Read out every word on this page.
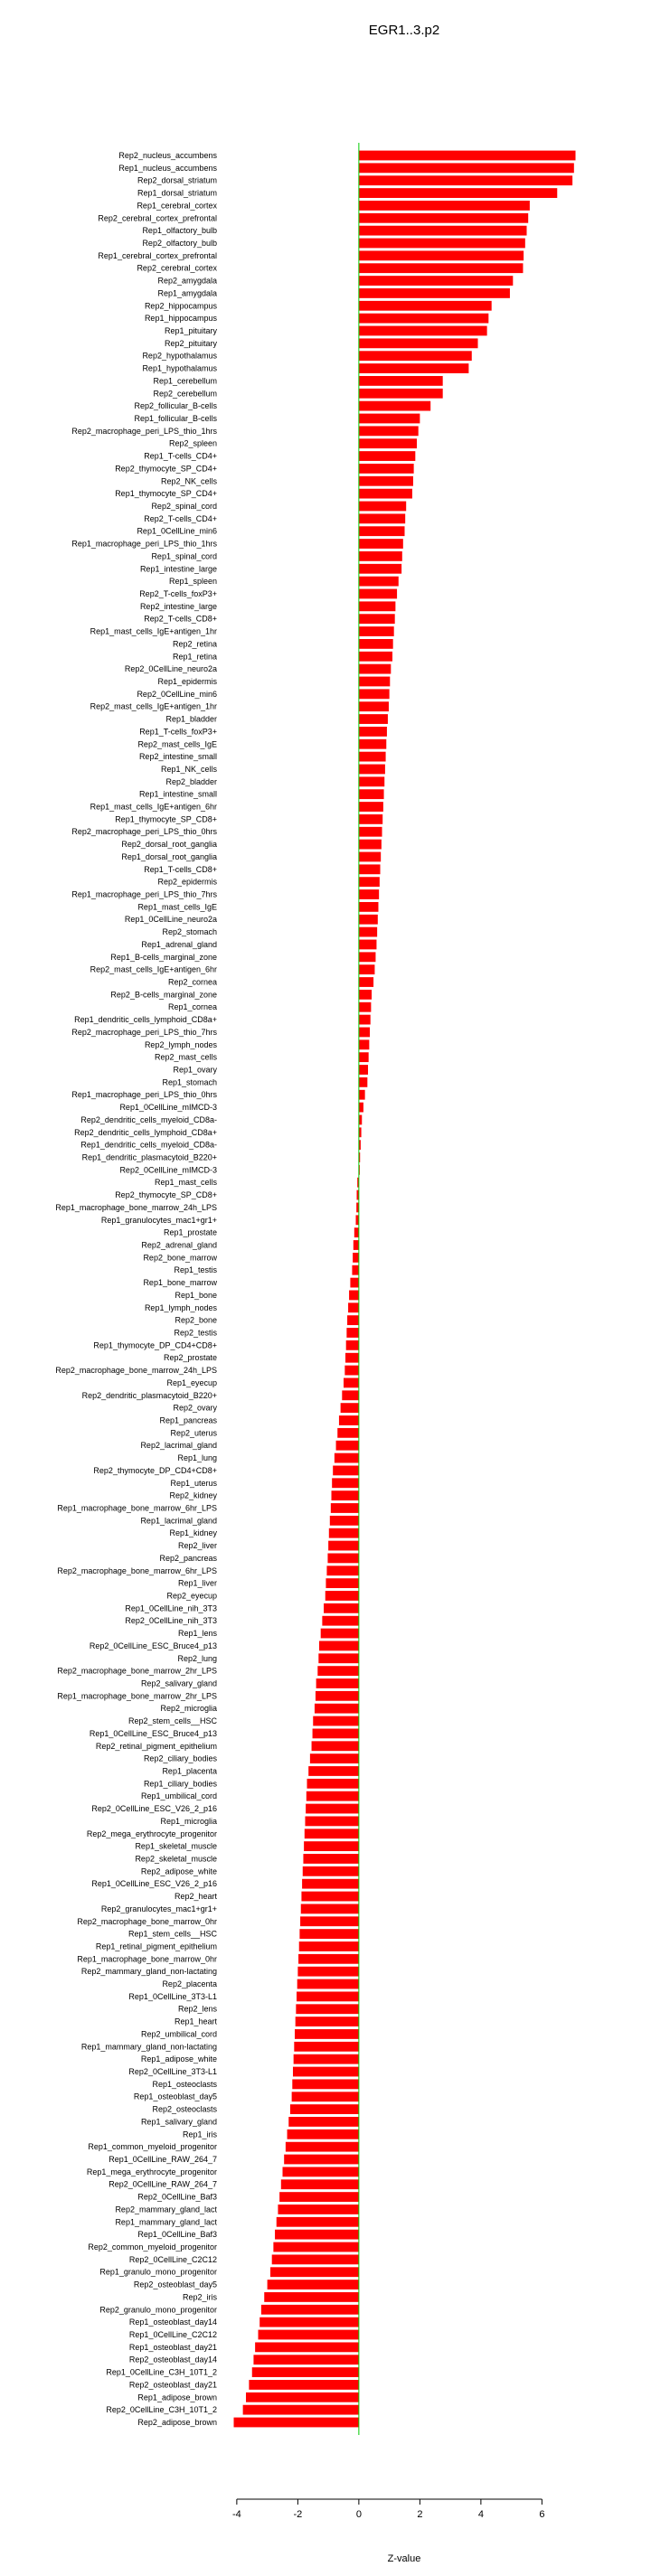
EGR1..3.p2
Rep2_nucleus_accumbens
Rep1_nucleus_accumbens
Rep2_dorsal_striatum
Rep1_dorsal_striatum
Rep1_cerebral_cortex
Rep2_cerebral_cortex_prefrontal
Rep1_olfactory_bulb
Rep2_olfactory_bulb
Rep1_cerebral_cortex_prefrontal
Rep2_cerebral_cortex
Rep2_amygdala
Rep1_amygdala
Rep2_hippocampus
Rep1_hippocampus
Rep1_pituitary
Rep2_pituitary
Rep2_hypothalamus
Rep1_hypothalamus
Rep1_cerebellum
Rep2_cerebellum
Rep2_follicular_B-cells
Rep1_follicular_B-cells
Rep2_macrophage_peri_LPS_thio_1hrs
Rep2_spleen
Rep1_T-cells_CD4+
Rep2_thymocyte_SP_CD4+
Rep2_NK_cells
Rep1_thymocyte_SP_CD4+
Rep2_spinal_cord
Rep2_T-cells_CD4+
Rep1_0CellLine_min6
Rep1_macrophage_peri_LPS_thio_1hrs
Rep1_spinal_cord
Rep1_intestine_large
Rep1_spleen
Rep2_T-cells_foxP3+
Rep2_intestine_large
Rep2_T-cells_CD8+
Rep1_mast_cells_IgE+antigen_1hr
Rep2_retina
Rep1_retina
Rep2_0CellLine_neuro2a
Rep1_epidermis
Rep2_0CellLine_min6
Rep2_mast_cells_IgE+antigen_1hr
Rep1_bladder
Rep1_T-cells_foxP3+
Rep2_mast_cells_IgE
Rep2_intestine_small
Rep1_NK_cells
Rep2_bladder
Rep1_intestine_small
Rep1_mast_cells_IgE+antigen_6hr
Rep1_thymocyte_SP_CD8+
Rep2_macrophage_peri_LPS_thio_0hrs
Rep2_dorsal_root_ganglia
Rep1_dorsal_root_ganglia
Rep1_T-cells_CD8+
Rep2_epidermis
Rep1_macrophage_peri_LPS_thio_7hrs
Rep1_mast_cells_IgE
Rep1_0CellLine_neuro2a
Rep2_stomach
Rep1_adrenal_gland
Rep1_B-cells_marginal_zone
Rep2_mast_cells_IgE+antigen_6hr
Rep2_cornea
Rep2_B-cells_marginal_zone
Rep1_cornea
Rep1_dendritic_cells_lymphoid_CD8a+
Rep2_macrophage_peri_LPS_thio_7hrs
Rep2_lymph_nodes
Rep2_mast_cells
Rep1_ovary
Rep1_stomach
Rep1_macrophage_peri_LPS_thio_0hrs
Rep1_0CellLine_mIMCD-3
Rep2_dendritic_cells_myeloid_CD8a-
Rep2_dendritic_cells_lymphoid_CD8a+
Rep1_dendritic_cells_myeloid_CD8a-
Rep1_dendritic_plasmacytoid_B220+
Rep2_0CellLine_mIMCD-3
Rep1_mast_cells
Rep2_thymocyte_SP_CD8+
Rep1_macrophage_bone_marrow_24h_LPS
Rep1_granulocytes_mac1+gr1+
Rep1_prostate
Rep2_adrenal_gland
Rep2_bone_marrow
Rep1_testis
Rep1_bone_marrow
Rep1_bone
Rep1_lymph_nodes
Rep2_bone
Rep2_testis
Rep1_thymocyte_DP_CD4+CD8+
Rep2_prostate
Rep2_macrophage_bone_marrow_24h_LPS
Rep1_eyecup
Rep2_dendritic_plasmacytoid_B220+
Rep2_ovary
Rep1_pancreas
Rep2_uterus
Rep2_lacrimal_gland
Rep1_lung
Rep2_thymocyte_DP_CD4+CD8+
Rep1_uterus
Rep2_kidney
Rep1_macrophage_bone_marrow_6hr_LPS
Rep1_lacrimal_gland
Rep1_kidney
Rep2_liver
Rep2_pancreas
Rep2_macrophage_bone_marrow_6hr_LPS
Rep1_liver
Rep2_eyecup
Rep1_0CellLine_nih_3T3
Rep2_0CellLine_nih_3T3
Rep1_lens
Rep2_0CellLine_ESC_Bruce4_p13
Rep2_lung
Rep2_macrophage_bone_marrow_2hr_LPS
Rep2_salivary_gland
Rep1_macrophage_bone_marrow_2hr_LPS
Rep2_microglia
Rep2_stem_cells__HSC
Rep1_0CellLine_ESC_Bruce4_p13
Rep2_retinal_pigment_epithelium
Rep2_ciliary_bodies
Rep1_placenta
Rep1_ciliary_bodies
Rep1_umbilical_cord
Rep2_0CellLine_ESC_V26_2_p16
Rep1_microglia
Rep2_mega_erythrocyte_progenitor
Rep1_skeletal_muscle
Rep2_skeletal_muscle
Rep2_adipose_white
Rep1_0CellLine_ESC_V26_2_p16
Rep2_heart
Rep2_granulocytes_mac1+gr1+
Rep2_macrophage_bone_marrow_0hr
Rep1_stem_cells__HSC
Rep1_retinal_pigment_epithelium
Rep1_macrophage_bone_marrow_0hr
Rep2_mammary_gland_non-lactating
Rep2_placenta
Rep1_0CellLine_3T3-L1
Rep2_lens
Rep1_heart
Rep2_umbilical_cord
Rep1_mammary_gland_non-lactating
Rep1_adipose_white
Rep2_0CellLine_3T3-L1
Rep1_osteoclasts
Rep1_osteoblast_day5
Rep2_osteoclasts
Rep1_salivary_gland
Rep1_iris
Rep1_common_myeloid_progenitor
Rep1_0CellLine_RAW_264_7
Rep1_mega_erythrocyte_progenitor
Rep2_0CellLine_RAW_264_7
Rep2_0CellLine_Baf3
Rep2_mammary_gland_lact
Rep1_mammary_gland_lact
Rep1_0CellLine_Baf3
Rep2_common_myeloid_progenitor
Rep2_0CellLine_C2C12
Rep1_granulo_mono_progenitor
Rep2_osteoblast_day5
Rep2_iris
Rep2_granulo_mono_progenitor
Rep1_osteoblast_day14
Rep1_0CellLine_C2C12
Rep1_osteoblast_day21
Rep2_osteoblast_day14
Rep1_0CellLine_C3H_10T1_2
Rep2_osteoblast_day21
Rep1_adipose_brown
Rep2_0CellLine_C3H_10T1_2
Rep2_adipose_brown
-4	-2	0	2	4	6
Z-value
